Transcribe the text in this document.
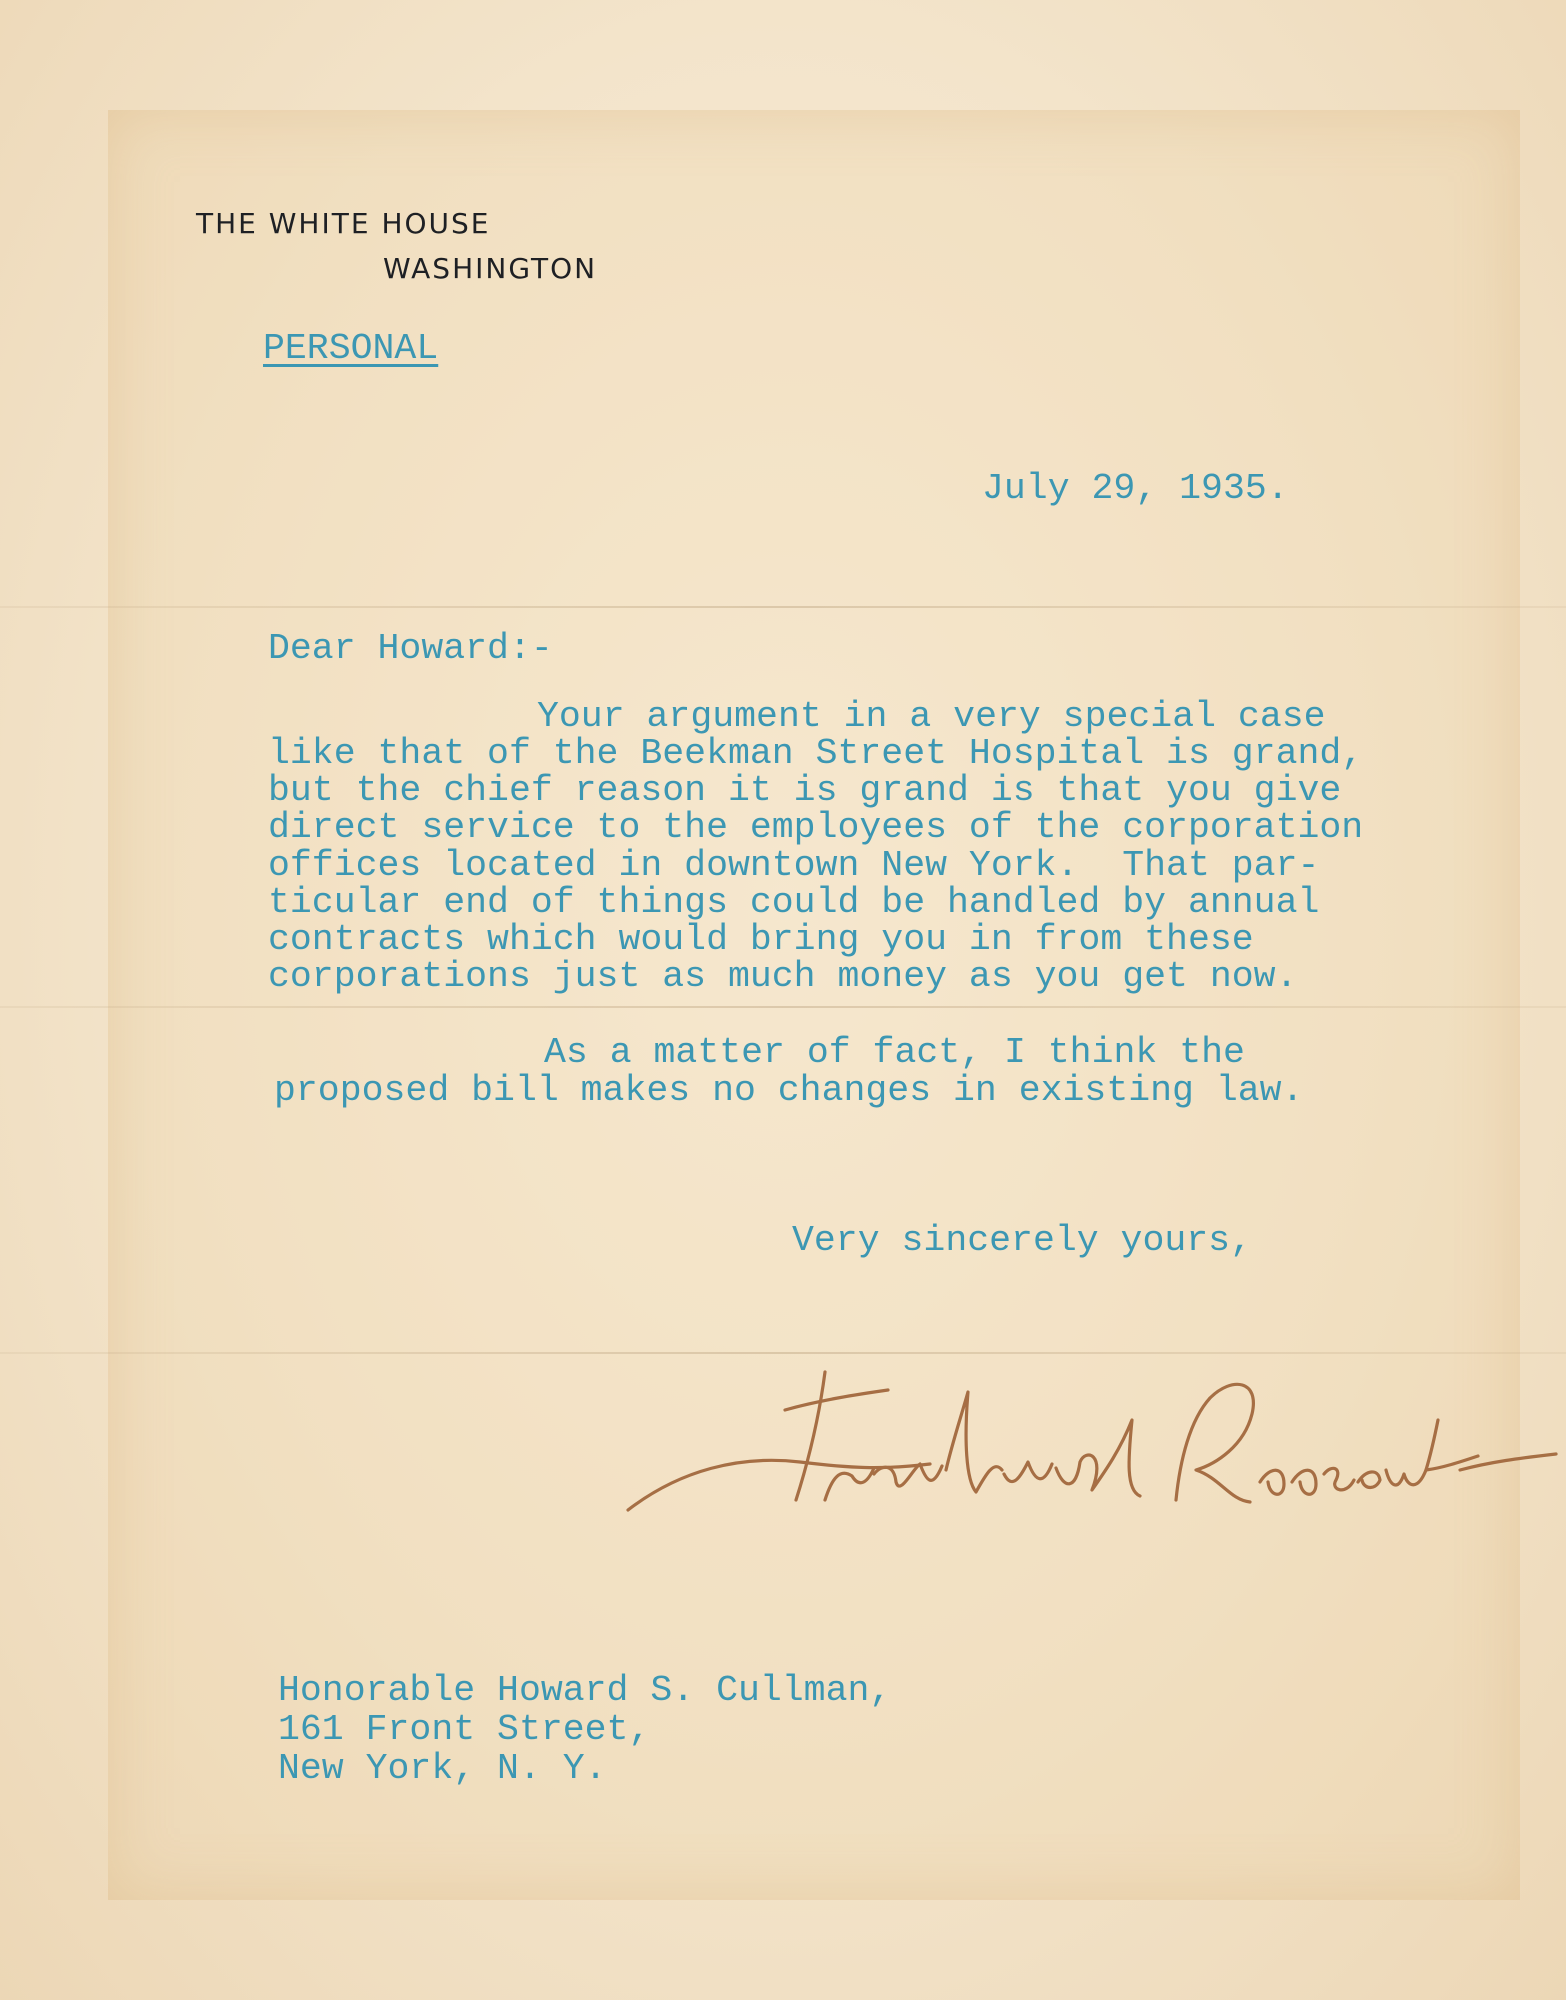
THE WHITE HOUSE
WASHINGTON
PERSONAL
July 29, 1935.
Dear Howard:-
Your argument in a very special case
like that of the Beekman Street Hospital is grand,
but the chief reason it is grand is that you give
direct service to the employees of the corporation
offices located in downtown New York.  That par-
ticular end of things could be handled by annual
contracts which would bring you in from these
corporations just as much money as you get now.
As a matter of fact, I think the
proposed bill makes no changes in existing law.
Very sincerely yours,
Honorable Howard S. Cullman,
161 Front Street,
New York, N. Y.
